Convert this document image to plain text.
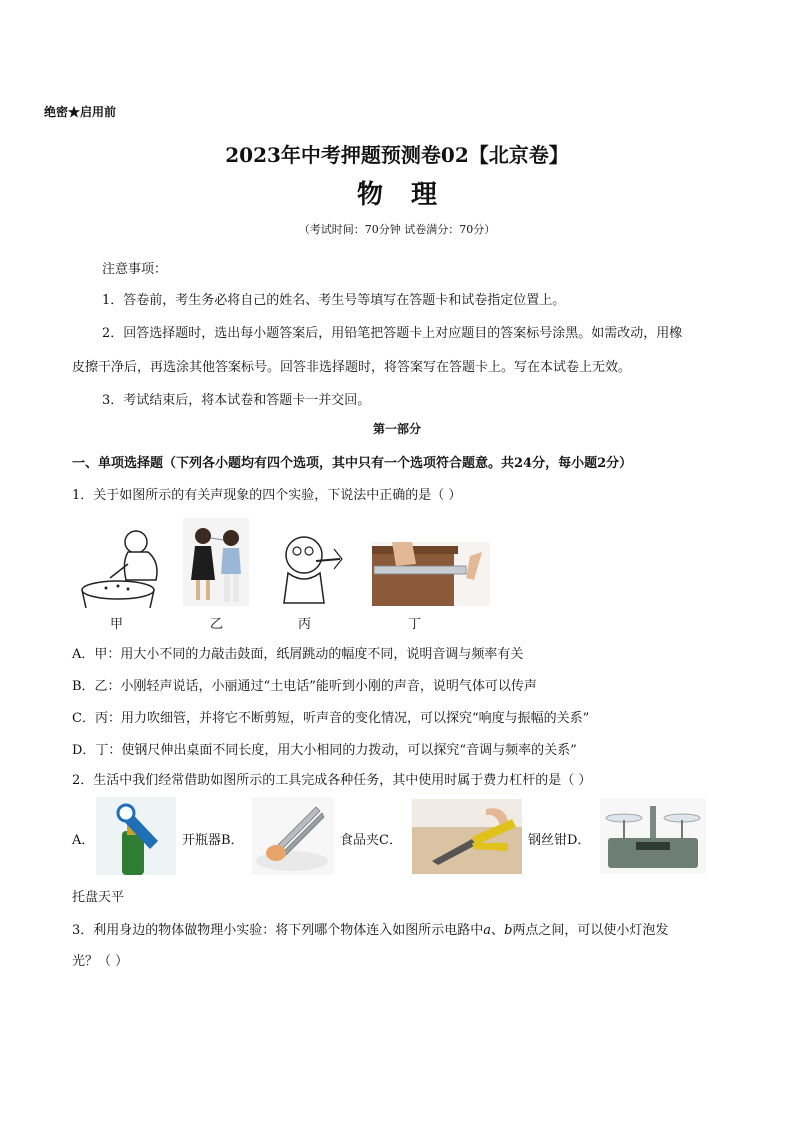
绝密★启用前
2023年中考押题预测卷02【北京卷】
物理
（考试时间：70分钟 试卷满分：70分）
注意事项：
1．答卷前，考生务必将自己的姓名、考生号等填写在答题卡和试卷指定位置上。
2．回答选择题时，选出每小题答案后，用铅笔把答题卡上对应题目的答案标号涂黑。如需改动，用橡
皮擦干净后，再选涂其他答案标号。回答非选择题时，将答案写在答题卡上。写在本试卷上无效。
3．考试结束后，将本试卷和答题卡一并交回。
第一部分
一、单项选择题（下列各小题均有四个选项，其中只有一个选项符合题意。共24分，每小题2分）
1．关于如图所示的有关声现象的四个实验，下说法中正确的是（ ）
甲	乙	丙	丁
A．甲：用大小不同的力敲击鼓面，纸屑跳动的幅度不同，说明音调与频率有关
B．乙：小刚轻声说话，小丽通过“土电话”能听到小刚的声音，说明气体可以传声
C．丙：用力吹细管，并将它不断剪短，听声音的变化情况，可以探究“响度与振幅的关系”
D．丁：使钢尺伸出桌面不同长度，用大小相同的力拨动，可以探究“音调与频率的关系”
2．生活中我们经常借助如图所示的工具完成各种任务，其中使用时属于费力杠杆的是（ ）
A．	开瓶器B．	食品夹C．	钢丝钳D．
托盘天平
3．利用身边的物体做物理小实验：将下列哪个物体连入如图所示电路中a、b两点之间，可以使小灯泡发
光？（ ）
